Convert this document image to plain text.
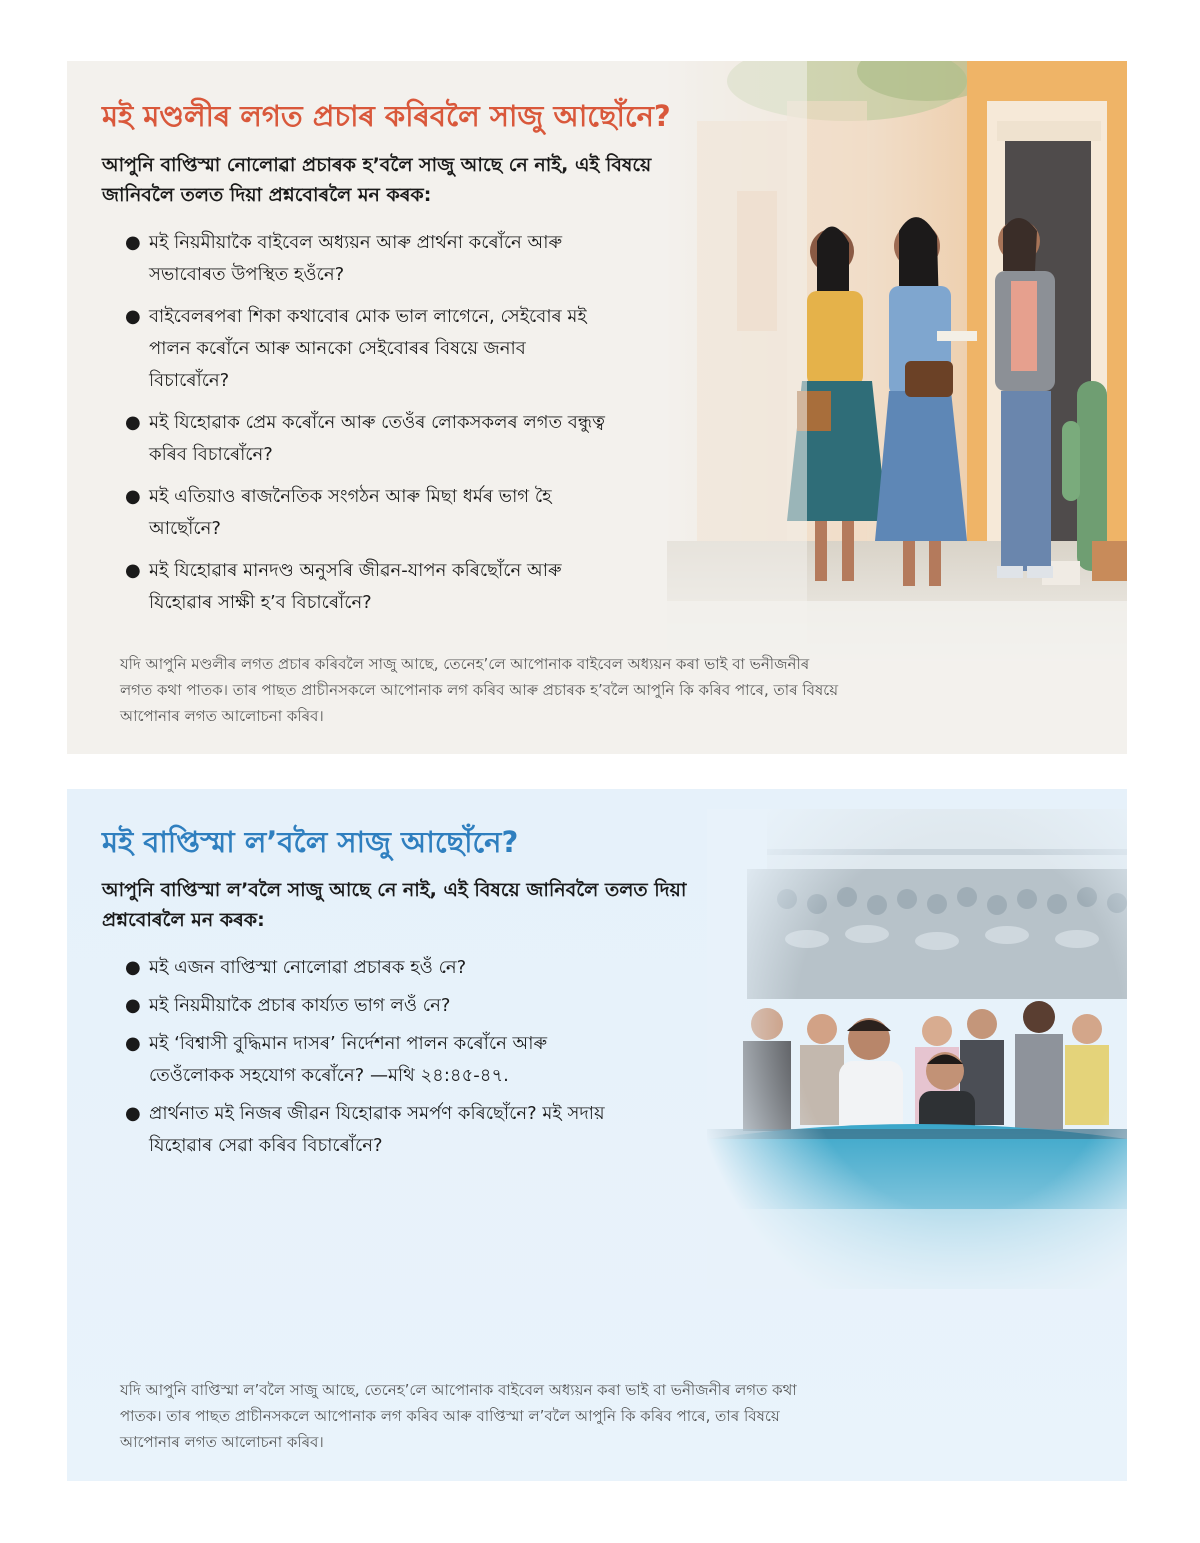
মই মণ্ডলীৰ লগত প্ৰচাৰ কৰিবলৈ সাজু আছোঁনে?

আপুনি বাপ্তিস্মা নোলোৱা প্ৰচাৰক হ’বলৈ সাজু আছে নে নাই, এই বিষয়ে জানিবলৈ তলত দিয়া প্ৰশ্নবোৰলৈ মন কৰক:

● মই নিয়মীয়াকৈ বাইবেল অধ্যয়ন আৰু প্ৰাৰ্থনা কৰোঁনে আৰু সভাবোৰত উপস্থিত হওঁনে?
● বাইবেলৰপৰা শিকা কথাবোৰ মোক ভাল লাগেনে, সেইবোৰ মই পালন কৰোঁনে আৰু আনকো সেইবোৰৰ বিষয়ে জনাব বিচাৰোঁনে?
● মই যিহোৱাক প্ৰেম কৰোঁনে আৰু তেওঁৰ লোকসকলৰ লগত বন্ধুত্ব কৰিব বিচাৰোঁনে?
● মই এতিয়াও ৰাজনৈতিক সংগঠন আৰু মিছা ধৰ্মৰ ভাগ হৈ আছোঁনে?
● মই যিহোৱাৰ মানদণ্ড অনুসৰি জীৱন-যাপন কৰিছোঁনে আৰু যিহোৱাৰ সাক্ষী হ’ব বিচাৰোঁনে?

যদি আপুনি মণ্ডলীৰ লগত প্ৰচাৰ কৰিবলৈ সাজু আছে, তেনেহ’লে আপোনাক বাইবেল অধ্যয়ন কৰা ভাই বা ভনীজনীৰ লগত কথা পাতক। তাৰ পাছত প্ৰাচীনসকলে আপোনাক লগ কৰিব আৰু প্ৰচাৰক হ’বলৈ আপুনি কি কৰিব পাৰে, তাৰ বিষয়ে আপোনাৰ লগত আলোচনা কৰিব।

মই বাপ্তিস্মা ল’বলৈ সাজু আছোঁনে?

আপুনি বাপ্তিস্মা ল’বলৈ সাজু আছে নে নাই, এই বিষয়ে জানিবলৈ তলত দিয়া প্ৰশ্নবোৰলৈ মন কৰক:

● মই এজন বাপ্তিস্মা নোলোৱা প্ৰচাৰক হওঁ নে?
● মই নিয়মীয়াকৈ প্ৰচাৰ কাৰ্য্যত ভাগ লওঁ নে?
● মই ‘বিশ্বাসী বুদ্ধিমান দাসৰ’ নিৰ্দেশনা পালন কৰোঁনে আৰু তেওঁলোকক সহযোগ কৰোঁনে? —মথি ২৪:৪৫-৪৭.
● প্ৰাৰ্থনাত মই নিজৰ জীৱন যিহোৱাক সমৰ্পণ কৰিছোঁনে? মই সদায় যিহোৱাৰ সেৱা কৰিব বিচাৰোঁনে?

যদি আপুনি বাপ্তিস্মা ল’বলৈ সাজু আছে, তেনেহ’লে আপোনাক বাইবেল অধ্যয়ন কৰা ভাই বা ভনীজনীৰ লগত কথা পাতক। তাৰ পাছত প্ৰাচীনসকলে আপোনাক লগ কৰিব আৰু বাপ্তিস্মা ল’বলৈ আপুনি কি কৰিব পাৰে, তাৰ বিষয়ে আপোনাৰ লগত আলোচনা কৰিব।
